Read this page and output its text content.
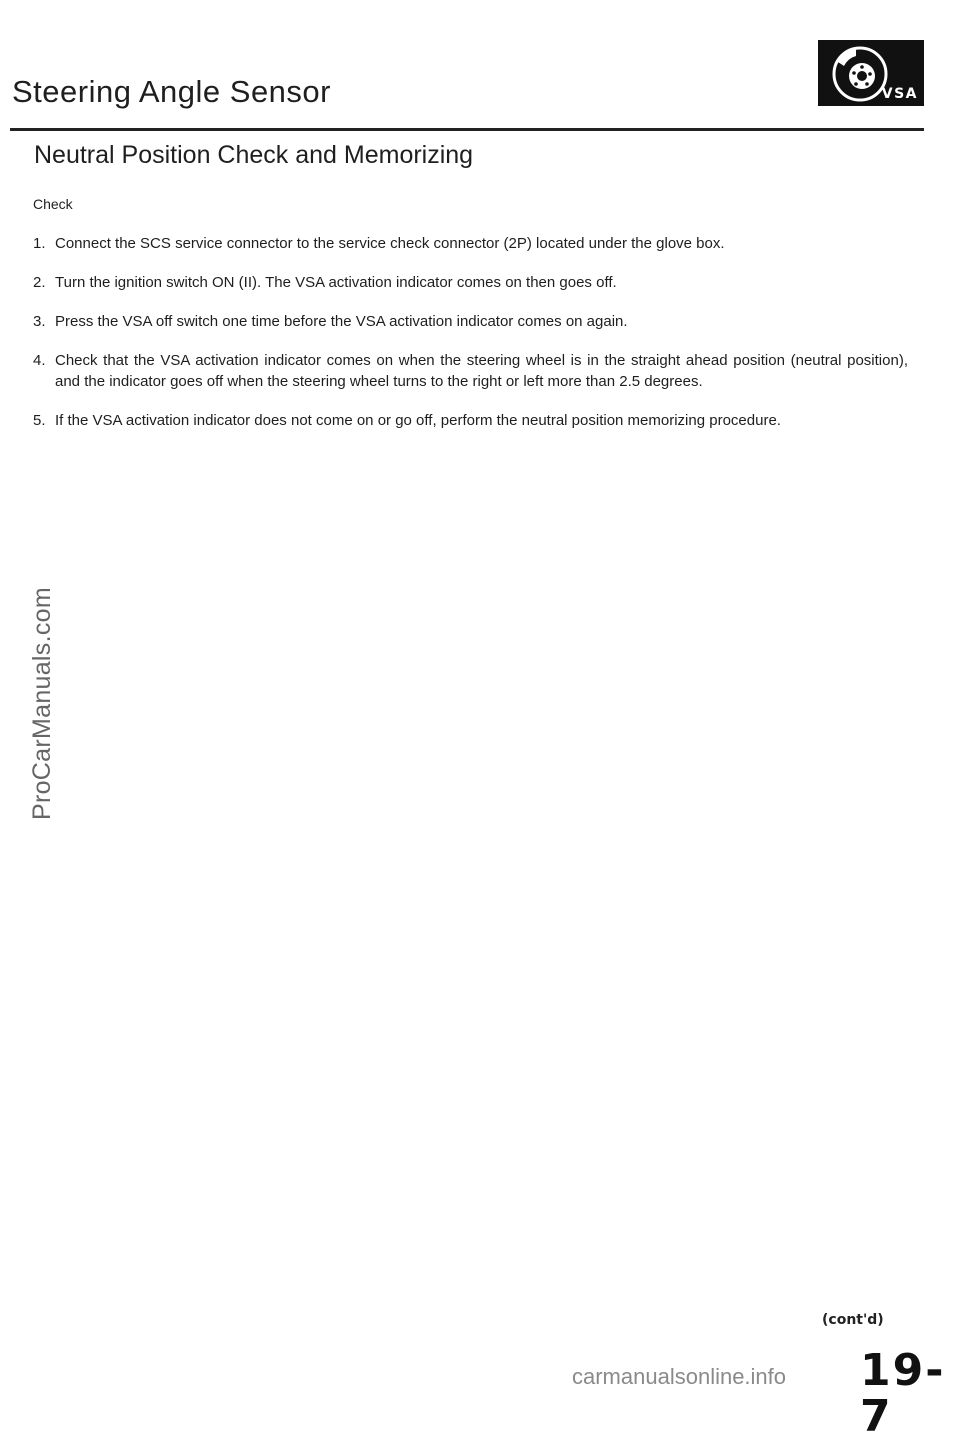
Steering Angle Sensor	VSA
Neutral Position Check and Memorizing
Check
1. Connect the SCS service connector to the service check connector (2P) located under the glove box.
2. Turn the ignition switch ON (II). The VSA activation indicator comes on then goes off.
3. Press the VSA off switch one time before the VSA activation indicator comes on again.
4. Check that the VSA activation indicator comes on when the steering wheel is in the straight ahead position (neutral position), and the indicator goes off when the steering wheel turns to the right or left more than 2.5 degrees.
5. If the VSA activation indicator does not come on or go off, perform the neutral position memorizing procedure.
ProCarManuals.com
(cont'd)
carmanualsonline.info 19-7
